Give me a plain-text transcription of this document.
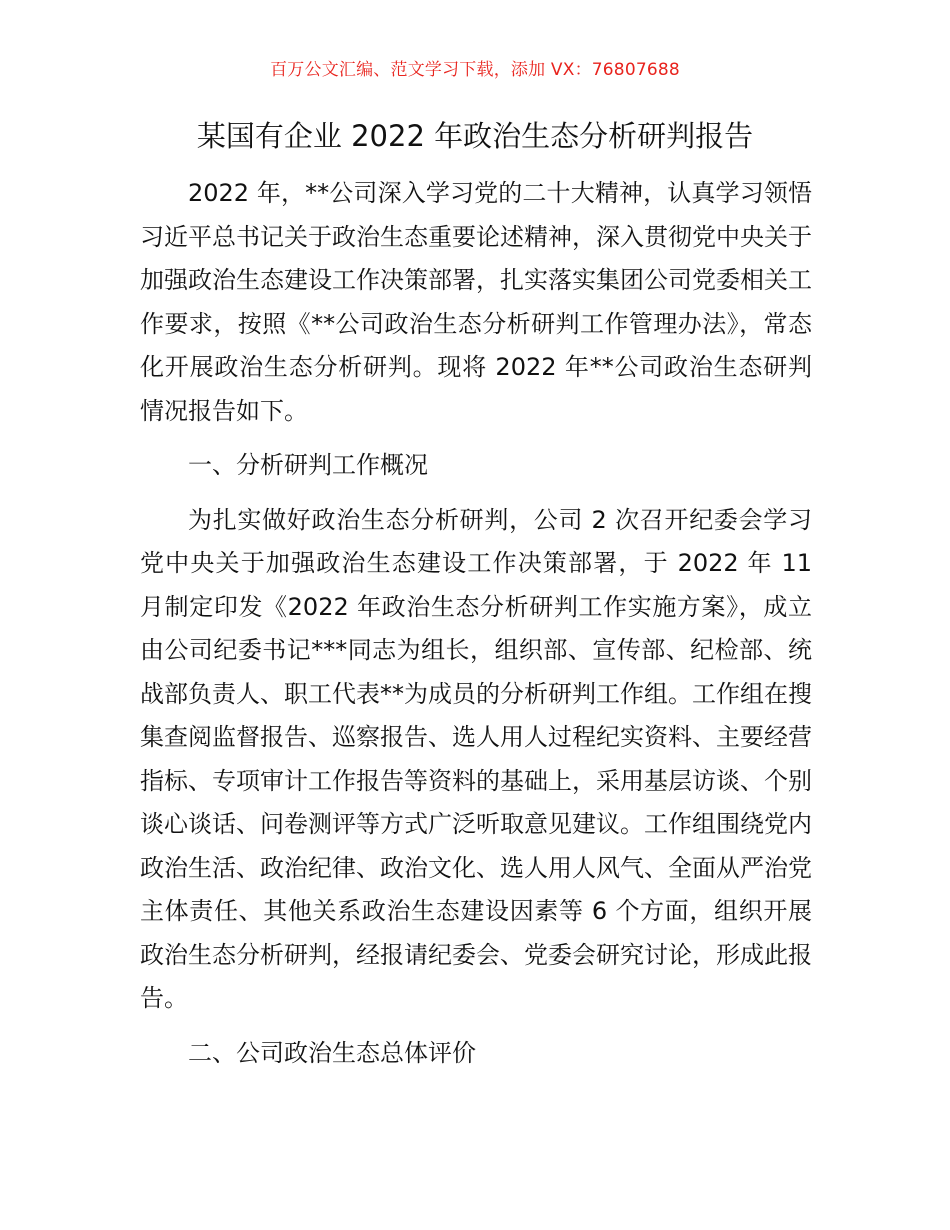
百万公文汇编、范文学习下载，添加 VX：76807688
某国有企业 2022 年政治生态分析研判报告

2022 年，**公司深入学习党的二十大精神，认真学习领悟习近平总书记关于政治生态重要论述精神，深入贯彻党中央关于加强政治生态建设工作决策部署，扎实落实集团公司党委相关工作要求，按照《**公司政治生态分析研判工作管理办法》，常态化开展政治生态分析研判。现将 2022 年**公司政治生态研判情况报告如下。

一、分析研判工作概况

为扎实做好政治生态分析研判，公司 2 次召开纪委会学习党中央关于加强政治生态建设工作决策部署，于 2022 年 11 月制定印发《2022 年政治生态分析研判工作实施方案》，成立由公司纪委书记***同志为组长，组织部、宣传部、纪检部、统战部负责人、职工代表**为成员的分析研判工作组。工作组在搜集查阅监督报告、巡察报告、选人用人过程纪实资料、主要经营指标、专项审计工作报告等资料的基础上，采用基层访谈、个别谈心谈话、问卷测评等方式广泛听取意见建议。工作组围绕党内政治生活、政治纪律、政治文化、选人用人风气、全面从严治党主体责任、其他关系政治生态建设因素等 6 个方面，组织开展政治生态分析研判，经报请纪委会、党委会研究讨论，形成此报告。

二、公司政治生态总体评价
